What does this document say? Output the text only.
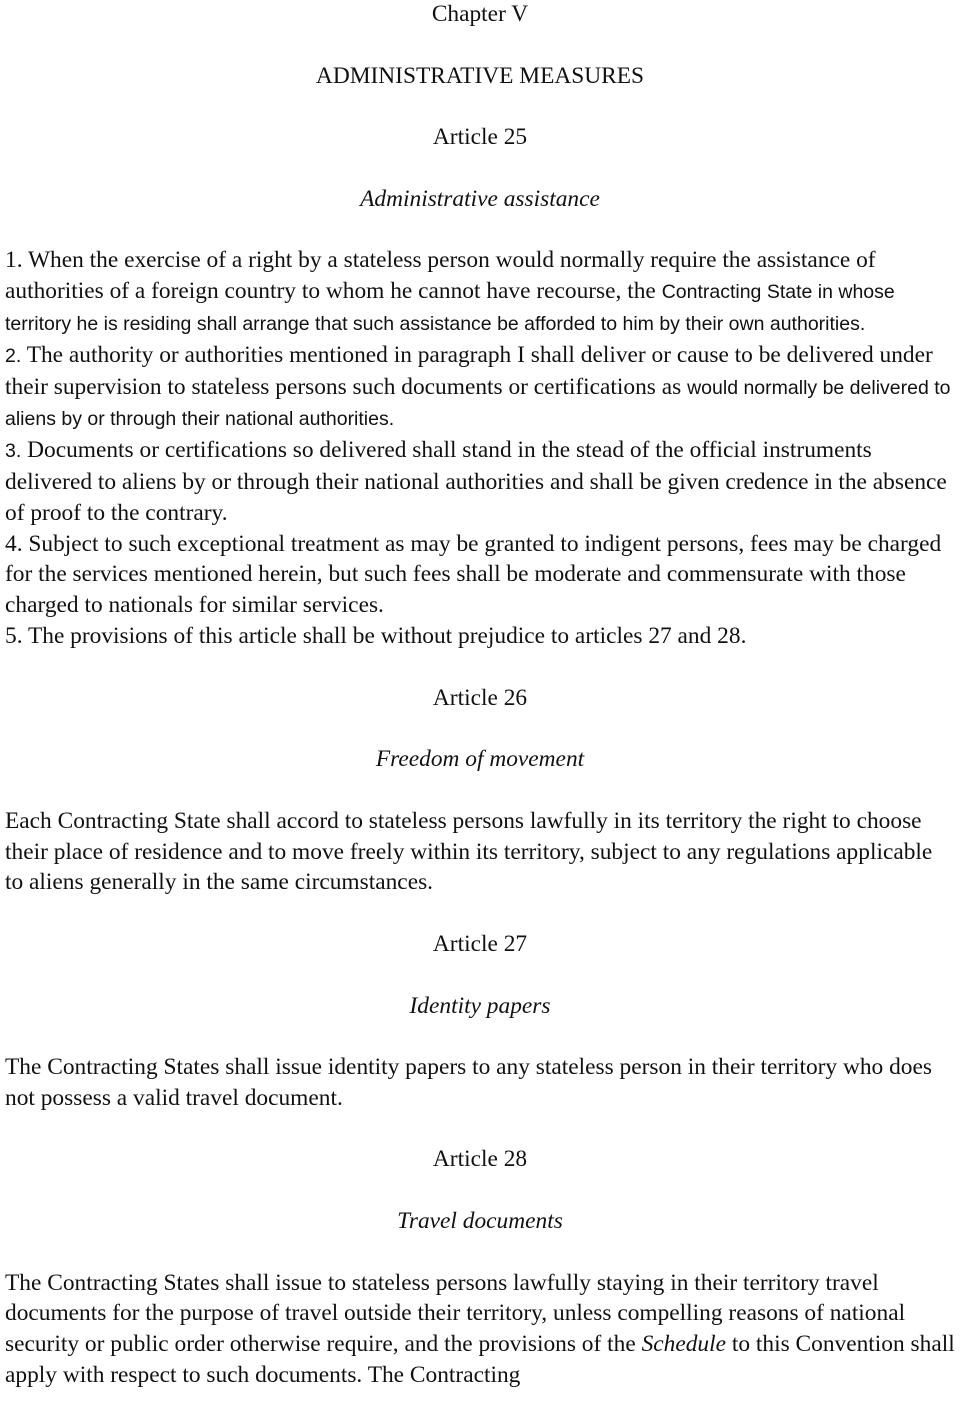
Chapter V

ADMINISTRATIVE MEASURES

Article 25

Administrative assistance

1. When the exercise of a right by a stateless person would normally require the assistance of authorities of a foreign country to whom he cannot have recourse, the Contracting State in whose territory he is residing shall arrange that such assistance be afforded to him by their own authorities.

2. The authority or authorities mentioned in paragraph I shall deliver or cause to be delivered under their supervision to stateless persons such documents or certifications as would normally be delivered to aliens by or through their national authorities.

3. Documents or certifications so delivered shall stand in the stead of the official instruments delivered to aliens by or through their national authorities and shall be given credence in the absence of proof to the contrary.

4. Subject to such exceptional treatment as may be granted to indigent persons, fees may be charged for the services mentioned herein, but such fees shall be moderate and commensurate with those charged to nationals for similar services.

5. The provisions of this article shall be without prejudice to articles 27 and 28.

Article 26

Freedom of movement

Each Contracting State shall accord to stateless persons lawfully in its territory the right to choose their place of residence and to move freely within its territory, subject to any regulations applicable to aliens generally in the same circumstances.

Article 27

Identity papers

The Contracting States shall issue identity papers to any stateless person in their territory who does not possess a valid travel document.

Article 28

Travel documents

The Contracting States shall issue to stateless persons lawfully staying in their territory travel documents for the purpose of travel outside their territory, unless compelling reasons of national security or public order otherwise require, and the provisions of the Schedule to this Convention shall apply with respect to such documents. The Contracting
